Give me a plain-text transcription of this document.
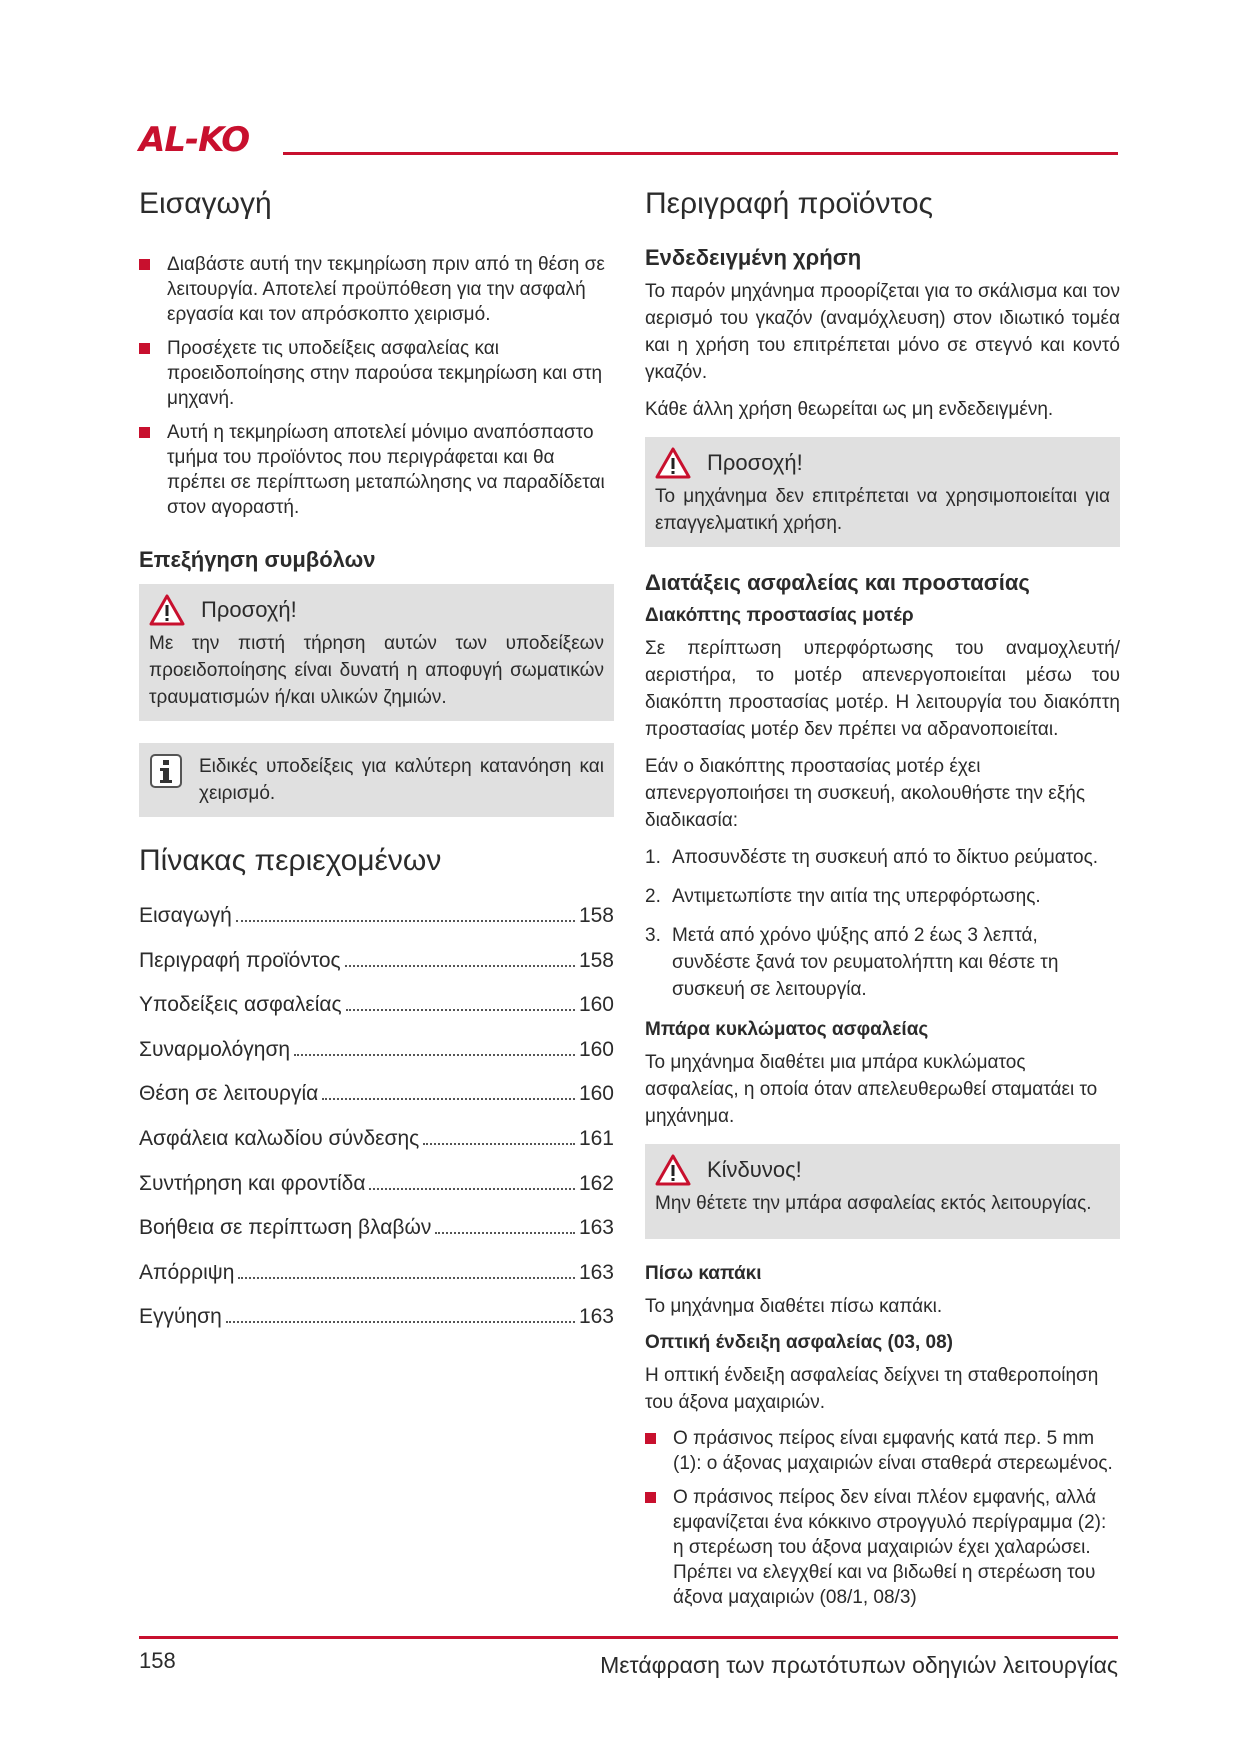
AL-KO
Εισαγωγή
Διαβάστε αυτή την τεκμηρίωση πριν από τη θέση σε λειτουργία. Αποτελεί προϋπόθεση για την ασφαλή εργασία και τον απρόσκοπτο χειρισμό.
Προσέχετε τις υποδείξεις ασφαλείας και προειδοποίησης στην παρούσα τεκμηρίωση και στη μηχανή.
Αυτή η τεκμηρίωση αποτελεί μόνιμο αναπόσπαστο τμήμα του προϊόντος που περιγράφεται και θα πρέπει σε περίπτωση μεταπώλησης να παραδίδεται στον αγοραστή.
Επεξήγηση συμβόλων
Προσοχή!

Με την πιστή τήρηση αυτών των υποδείξεων προειδοποίησης είναι δυνατή η αποφυγή σωματικών τραυματισμών ή/και υλικών ζημιών.

Ειδικές υποδείξεις για καλύτερη κατανόηση και χειρισμό.

Πίνακας περιεχομένων
Εισαγωγή	158
Περιγραφή προϊόντος	158
Υποδείξεις ασφαλείας	160
Συναρμολόγηση	160
Θέση σε λειτουργία	160
Ασφάλεια καλωδίου σύνδεσης	161
Συντήρηση και φροντίδα	162
Βοήθεια σε περίπτωση βλαβών	163
Απόρριψη	163
Εγγύηση	163
Περιγραφή προϊόντος
Ενδεδειγμένη χρήση

Το παρόν μηχάνημα προορίζεται για το σκάλισμα και τον αερισμό του γκαζόν (αναμόχλευση) στον ιδιωτικό τομέα και η χρήση του επιτρέπεται μόνο σε στεγνό και κοντό γκαζόν.

Κάθε άλλη χρήση θεωρείται ως μη ενδεδειγμένη.

Προσοχή!

Το μηχάνημα δεν επιτρέπεται να χρησιμοποιείται για επαγγελματική χρήση.

Διατάξεις ασφαλείας και προστασίας
Διακόπτης προστασίας μοτέρ

Σε περίπτωση υπερφόρτωσης του αναμοχλευτή/αεριστήρα, το μοτέρ απενεργοποιείται μέσω του διακόπτη προστασίας μοτέρ. Η λειτουργία του διακόπτη προστασίας μοτέρ δεν πρέπει να αδρανοποιείται.

Εάν ο διακόπτης προστασίας μοτέρ έχει απενεργοποιήσει τη συσκευή, ακολουθήστε την εξής διαδικασία:

1. Αποσυνδέστε τη συσκευή από το δίκτυο ρεύματος.
2. Αντιμετωπίστε την αιτία της υπερφόρτωσης.
3. Μετά από χρόνο ψύξης από 2 έως 3 λεπτά, συνδέστε ξανά τον ρευματολήπτη και θέστε τη συσκευή σε λειτουργία.
Μπάρα κυκλώματος ασφαλείας

Το μηχάνημα διαθέτει μια μπάρα κυκλώματος ασφαλείας, η οποία όταν απελευθερωθεί σταματάει το μηχάνημα.

Κίνδυνος!

Μην θέτετε την μπάρα ασφαλείας εκτός λειτουργίας.

Πίσω καπάκι

Το μηχάνημα διαθέτει πίσω καπάκι.

Οπτική ένδειξη ασφαλείας (03, 08)

Η οπτική ένδειξη ασφαλείας δείχνει τη σταθεροποίηση του άξονα μαχαιριών.

Ο πράσινος πείρος είναι εμφανής κατά περ. 5 mm (1): ο άξονας μαχαιριών είναι σταθερά στερεωμένος.
Ο πράσινος πείρος δεν είναι πλέον εμφανής, αλλά εμφανίζεται ένα κόκκινο στρογγυλό περίγραμμα (2): η στερέωση του άξονα μαχαιριών έχει χαλαρώσει. Πρέπει να ελεγχθεί και να βιδωθεί η στερέωση του άξονα μαχαιριών (08/1, 08/3)
158	Μετάφραση των πρωτότυπων οδηγιών λειτουργίας
